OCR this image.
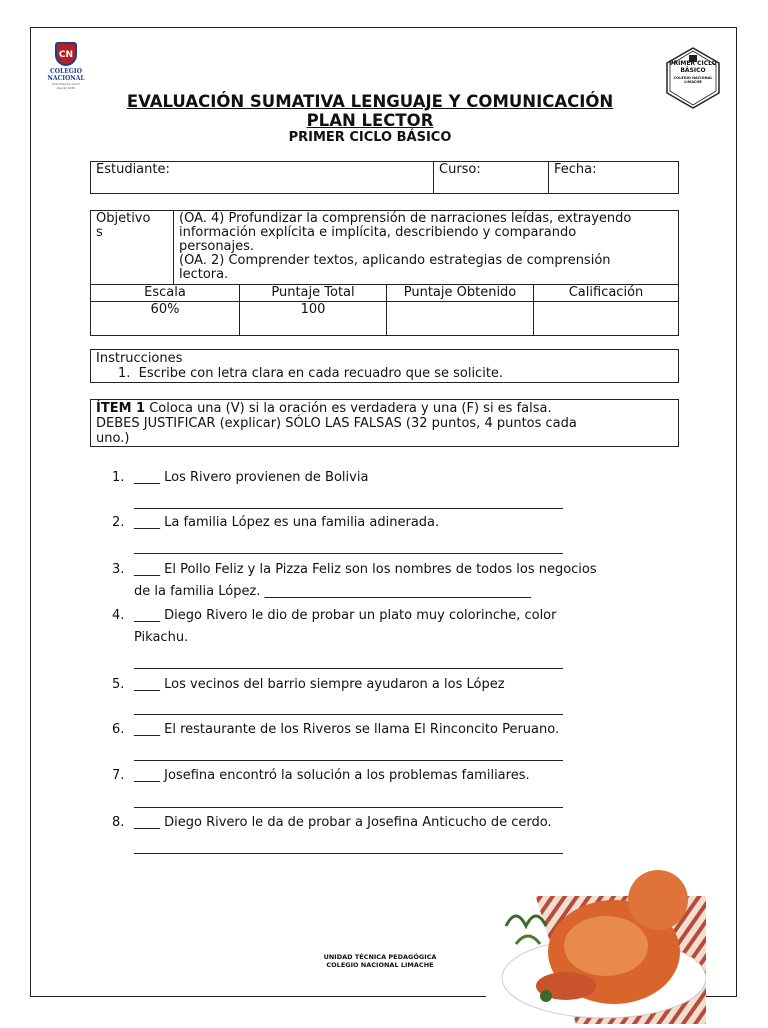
CN
COLEGIO
NACIONAL
Pido Diserte Animi
Desde 1930
PRIMER CICLO
BÁSICO
COLEGIO NACIONAL
LIMACHE
EVALUACIÓN SUMATIVA LENGUAJE Y COMUNICACIÓN
PLAN LECTOR
PRIMER CICLO BÁSICO
Estudiante:	Curso:	Fecha:
Objetivo
s	(OA. 4) Profundizar la comprensión de narraciones leídas, extrayendo
información explícita e implícita, describiendo y comparando
personajes.
(OA. 2) Comprender textos, aplicando estrategias de comprensión
lectora.
Escala	Puntaje Total	Puntaje Obtenido	Calificación
60%	100		
Instrucciones
1.  Escribe con letra clara en cada recuadro que se solicite.
ÍTEM 1 Coloca una (V) si la oración es verdadera y una (F) si es falsa.
DEBES JUSTIFICAR (explicar) SÓLO LAS FALSAS (32 puntos, 4 puntos cada
uno.)
1. ____ Los Rivero provienen de Bolivia
2. ____ La familia López es una familia adinerada.
3. ____ El Pollo Feliz y la Pizza Feliz son los nombres de todos los negocios
de la familia López. _________________________________________
4. ____ Diego Rivero le dio de probar un plato muy colorinche, color
Pikachu.
5. ____ Los vecinos del barrio siempre ayudaron a los López
6. ____ El restaurante de los Riveros se llama El Rinconcito Peruano.
7. ____ Josefina encontró la solución a los problemas familiares.
8. ____ Diego Rivero le da de probar a Josefina Anticucho de cerdo.
UNIDAD TÉCNICA PEDAGÓGICA
COLEGIO NACIONAL LIMACHE
